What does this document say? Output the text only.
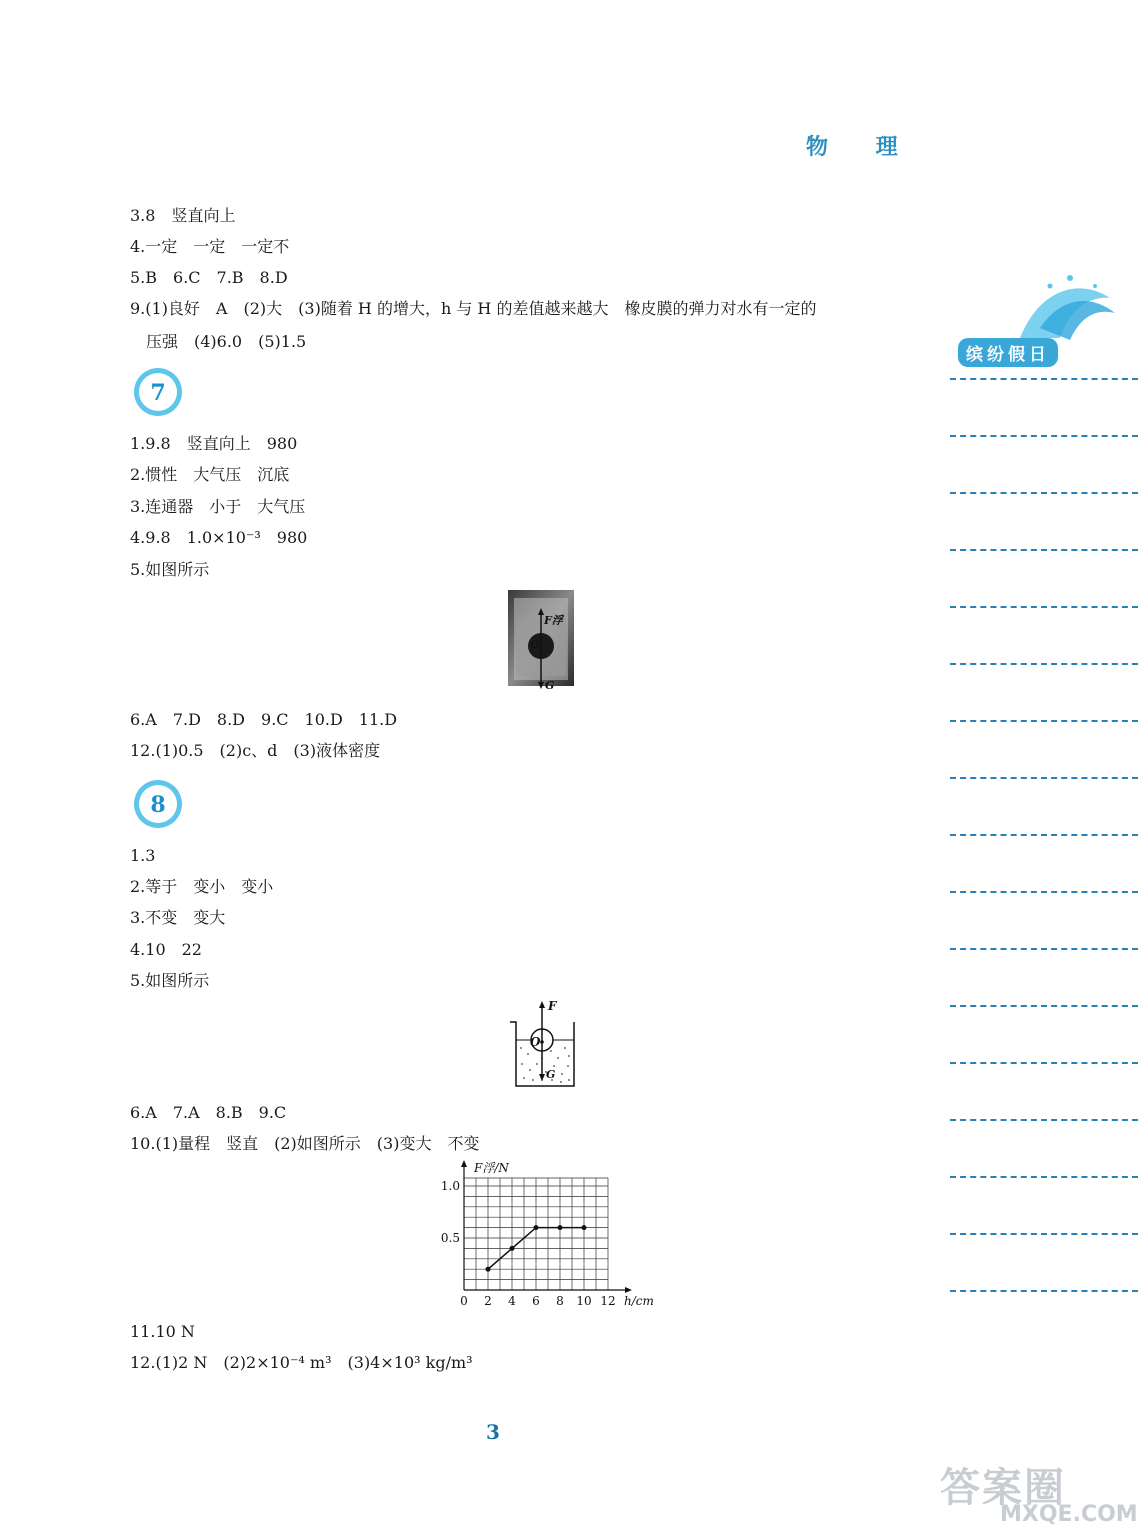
物 理
3.8　竖直向上
4.一定　一定　一定不
5.B　6.C　7.B　8.D
9.(1)良好　A　(2)大　(3)随着 H 的增大，h 与 H 的差值越来越大　橡皮膜的弹力对水有一定的
　压强　(4)6.0　(5)1.5
7
1.9.8　竖直向上　980
2.惯性　大气压　沉底
3.连通器　小于　大气压
4.9.8　1.0×10⁻³　980
5.如图所示
F浮
O
G
6.A　7.D　8.D　9.C　10.D　11.D
12.(1)0.5　(2)c、d　(3)液体密度
8
1.3
2.等于　变小　变小
3.不变　变大
4.10　22
5.如图所示
F
O
G
6.A　7.A　8.B　9.C
10.(1)量程　竖直　(2)如图所示　(3)变大　不变
0 2 4 6 8 10 12
0.5
1.0
h/cm
F浮/N
11.10 N
12.(1)2 N　(2)2×10⁻⁴ m³　(3)4×10³ kg/m³
缤纷假日
3
答案圈
MXQE.COM
